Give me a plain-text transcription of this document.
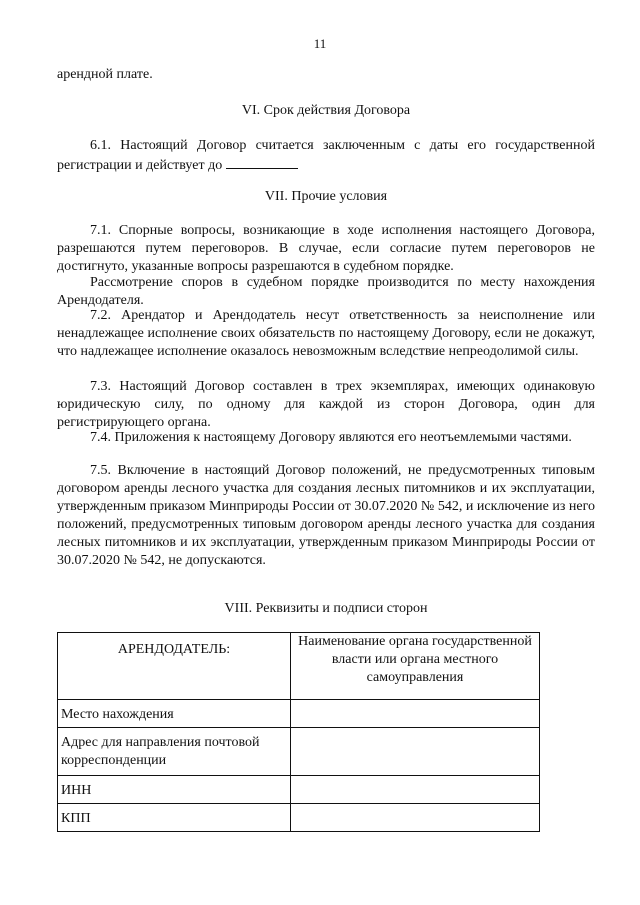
11

арендной плате.

VI. Срок действия Договора

6.1. Настоящий Договор считается заключенным с даты его государственной регистрации и действует до

VII. Прочие условия

7.1. Спорные вопросы, возникающие в ходе исполнения настоящего Договора, разрешаются путем переговоров. В случае, если согласие путем переговоров не достигнуто, указанные вопросы разрешаются в судебном порядке.

Рассмотрение споров в судебном порядке производится по месту нахождения Арендодателя.

7.2. Арендатор и Арендодатель несут ответственность за неисполнение или ненадлежащее исполнение своих обязательств по настоящему Договору, если не докажут, что надлежащее исполнение оказалось невозможным вследствие непреодолимой силы.

7.3. Настоящий Договор составлен в трех экземплярах, имеющих одинаковую юридическую силу, по одному для каждой из сторон Договора, один для регистрирующего органа.

7.4. Приложения к настоящему Договору являются его неотъемлемыми частями.

7.5. Включение в настоящий Договор положений, не предусмотренных типовым договором аренды лесного участка для создания лесных питомников и их эксплуатации, утвержденным приказом Минприроды России от 30.07.2020 № 542, и исключение из него положений, предусмотренных типовым договором аренды лесного участка для создания лесных питомников и их эксплуатации, утвержденным приказом Минприроды России от 30.07.2020 № 542, не допускаются.

VIII. Реквизиты и подписи сторон

АРЕНДОДАТЕЛЬ:	Наименование органа государственной власти или органа местного самоуправления
Место нахождения	
Адрес для направления почтовой корреспонденции	
ИНН	
КПП	
